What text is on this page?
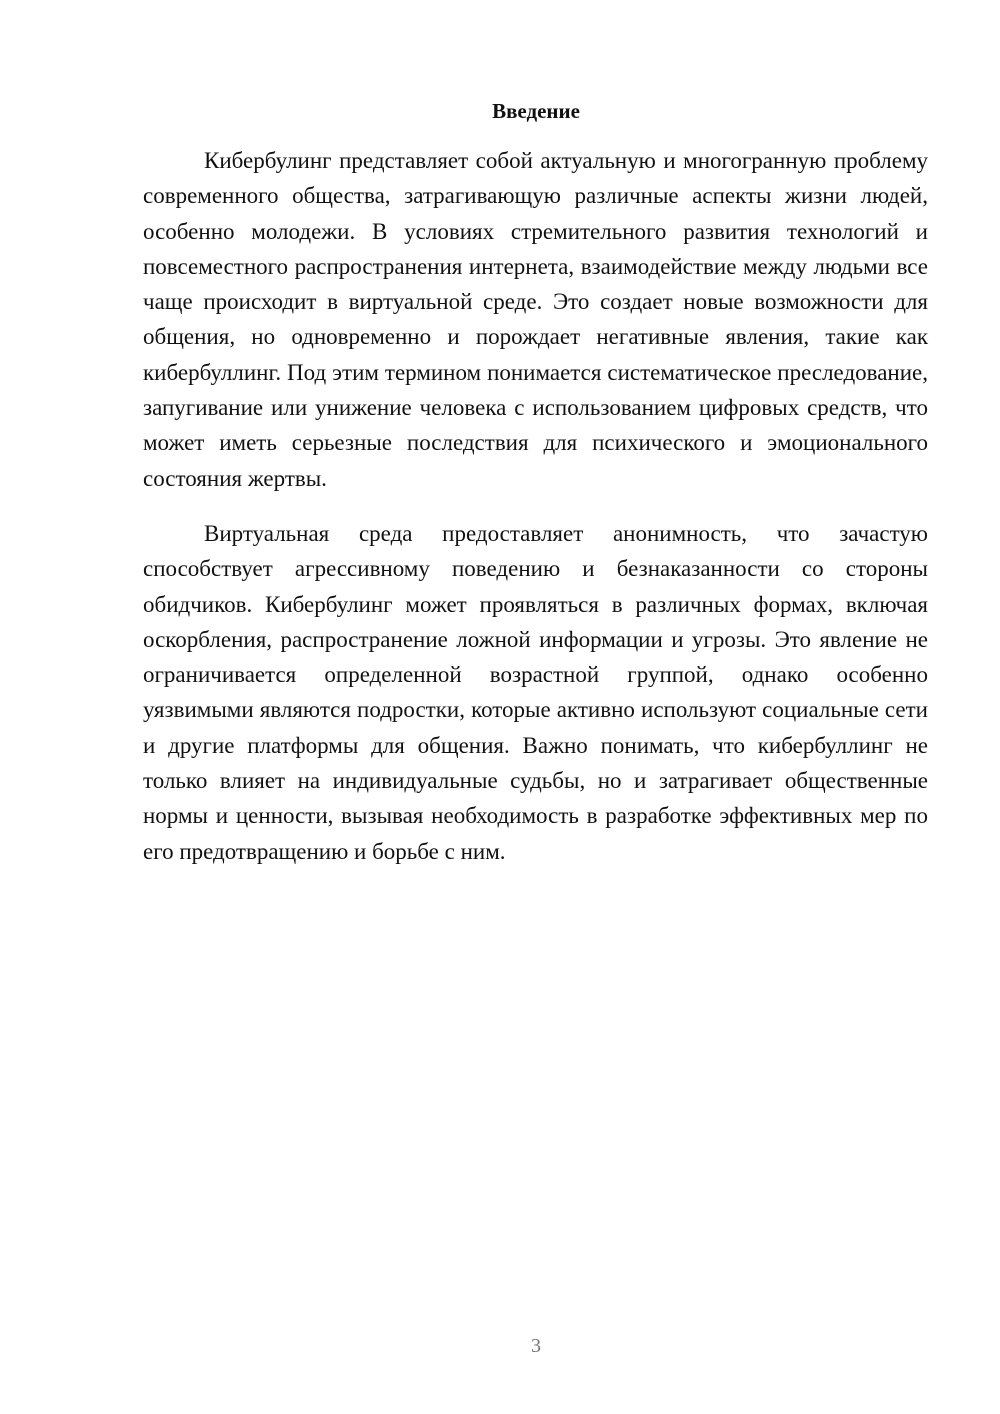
Введение

Кибербулинг представляет собой актуальную и многогранную проблему современного общества, затрагивающую различные аспекты жизни людей, особенно молодежи. В условиях стремительного развития технологий и повсеместного распространения интернета, взаимодействие между людьми все чаще происходит в виртуальной среде. Это создает новые возможности для общения, но одновременно и порождает негативные явления, такие как кибербуллинг. Под этим термином понимается систематическое преследование, запугивание или унижение человека с использованием цифровых средств, что может иметь серьезные последствия для психического и эмоционального состояния жертвы.

Виртуальная среда предоставляет анонимность, что зачастую способствует агрессивному поведению и безнаказанности со стороны обидчиков. Кибербулинг может проявляться в различных формах, включая оскорбления, распространение ложной информации и угрозы. Это явление не ограничивается определенной возрастной группой, однако особенно уязвимыми являются подростки, которые активно используют социальные сети и другие платформы для общения. Важно понимать, что кибербуллинг не только влияет на индивидуальные судьбы, но и затрагивает общественные нормы и ценности, вызывая необходимость в разработке эффективных мер по его предотвращению и борьбе с ним.

3
